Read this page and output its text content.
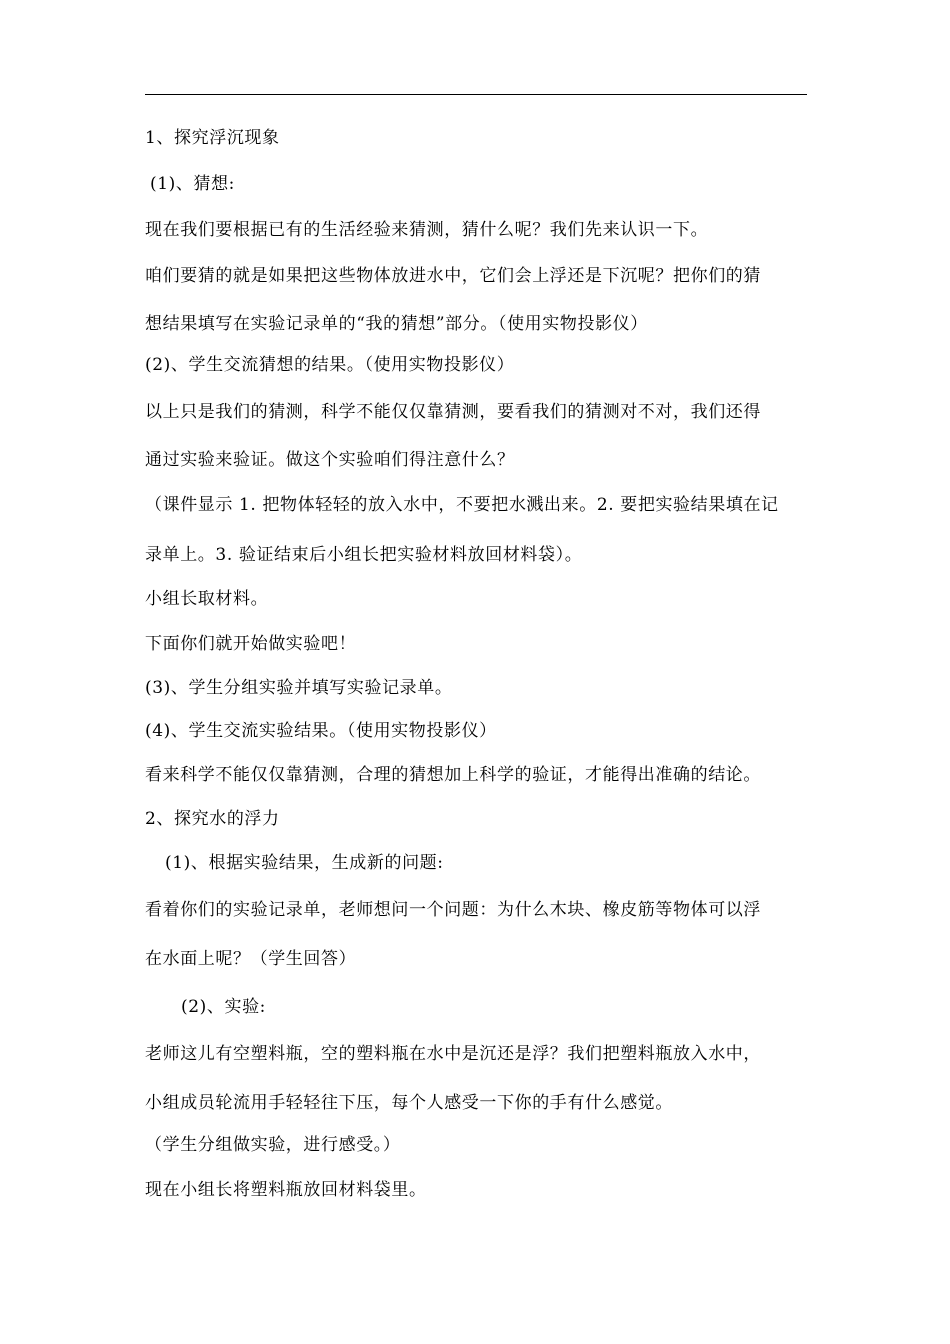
1、探究浮沉现象
(1)、猜想:
现在我们要根据已有的生活经验来猜测，猜什么呢？我们先来认识一下。
咱们要猜的就是如果把这些物体放进水中，它们会上浮还是下沉呢？把你们的猜
想结果填写在实验记录单的“我的猜想”部分。（使用实物投影仪）
(2)、学生交流猜想的结果。（使用实物投影仪）
以上只是我们的猜测，科学不能仅仅靠猜测，要看我们的猜测对不对，我们还得
通过实验来验证。做这个实验咱们得注意什么？
（课件显示 1. 把物体轻轻的放入水中，不要把水溅出来。2. 要把实验结果填在记
录单上。3. 验证结束后小组长把实验材料放回材料袋）。
小组长取材料。
下面你们就开始做实验吧！
(3)、学生分组实验并填写实验记录单。
(4)、学生交流实验结果。（使用实物投影仪）
看来科学不能仅仅靠猜测，合理的猜想加上科学的验证，才能得出准确的结论。
2、探究水的浮力
(1)、根据实验结果，生成新的问题:
看着你们的实验记录单，老师想问一个问题：为什么木块、橡皮筋等物体可以浮
在水面上呢？（学生回答）
(2)、实验:
老师这儿有空塑料瓶，空的塑料瓶在水中是沉还是浮？我们把塑料瓶放入水中，
小组成员轮流用手轻轻往下压，每个人感受一下你的手有什么感觉。
（学生分组做实验，进行感受。）
现在小组长将塑料瓶放回材料袋里。
